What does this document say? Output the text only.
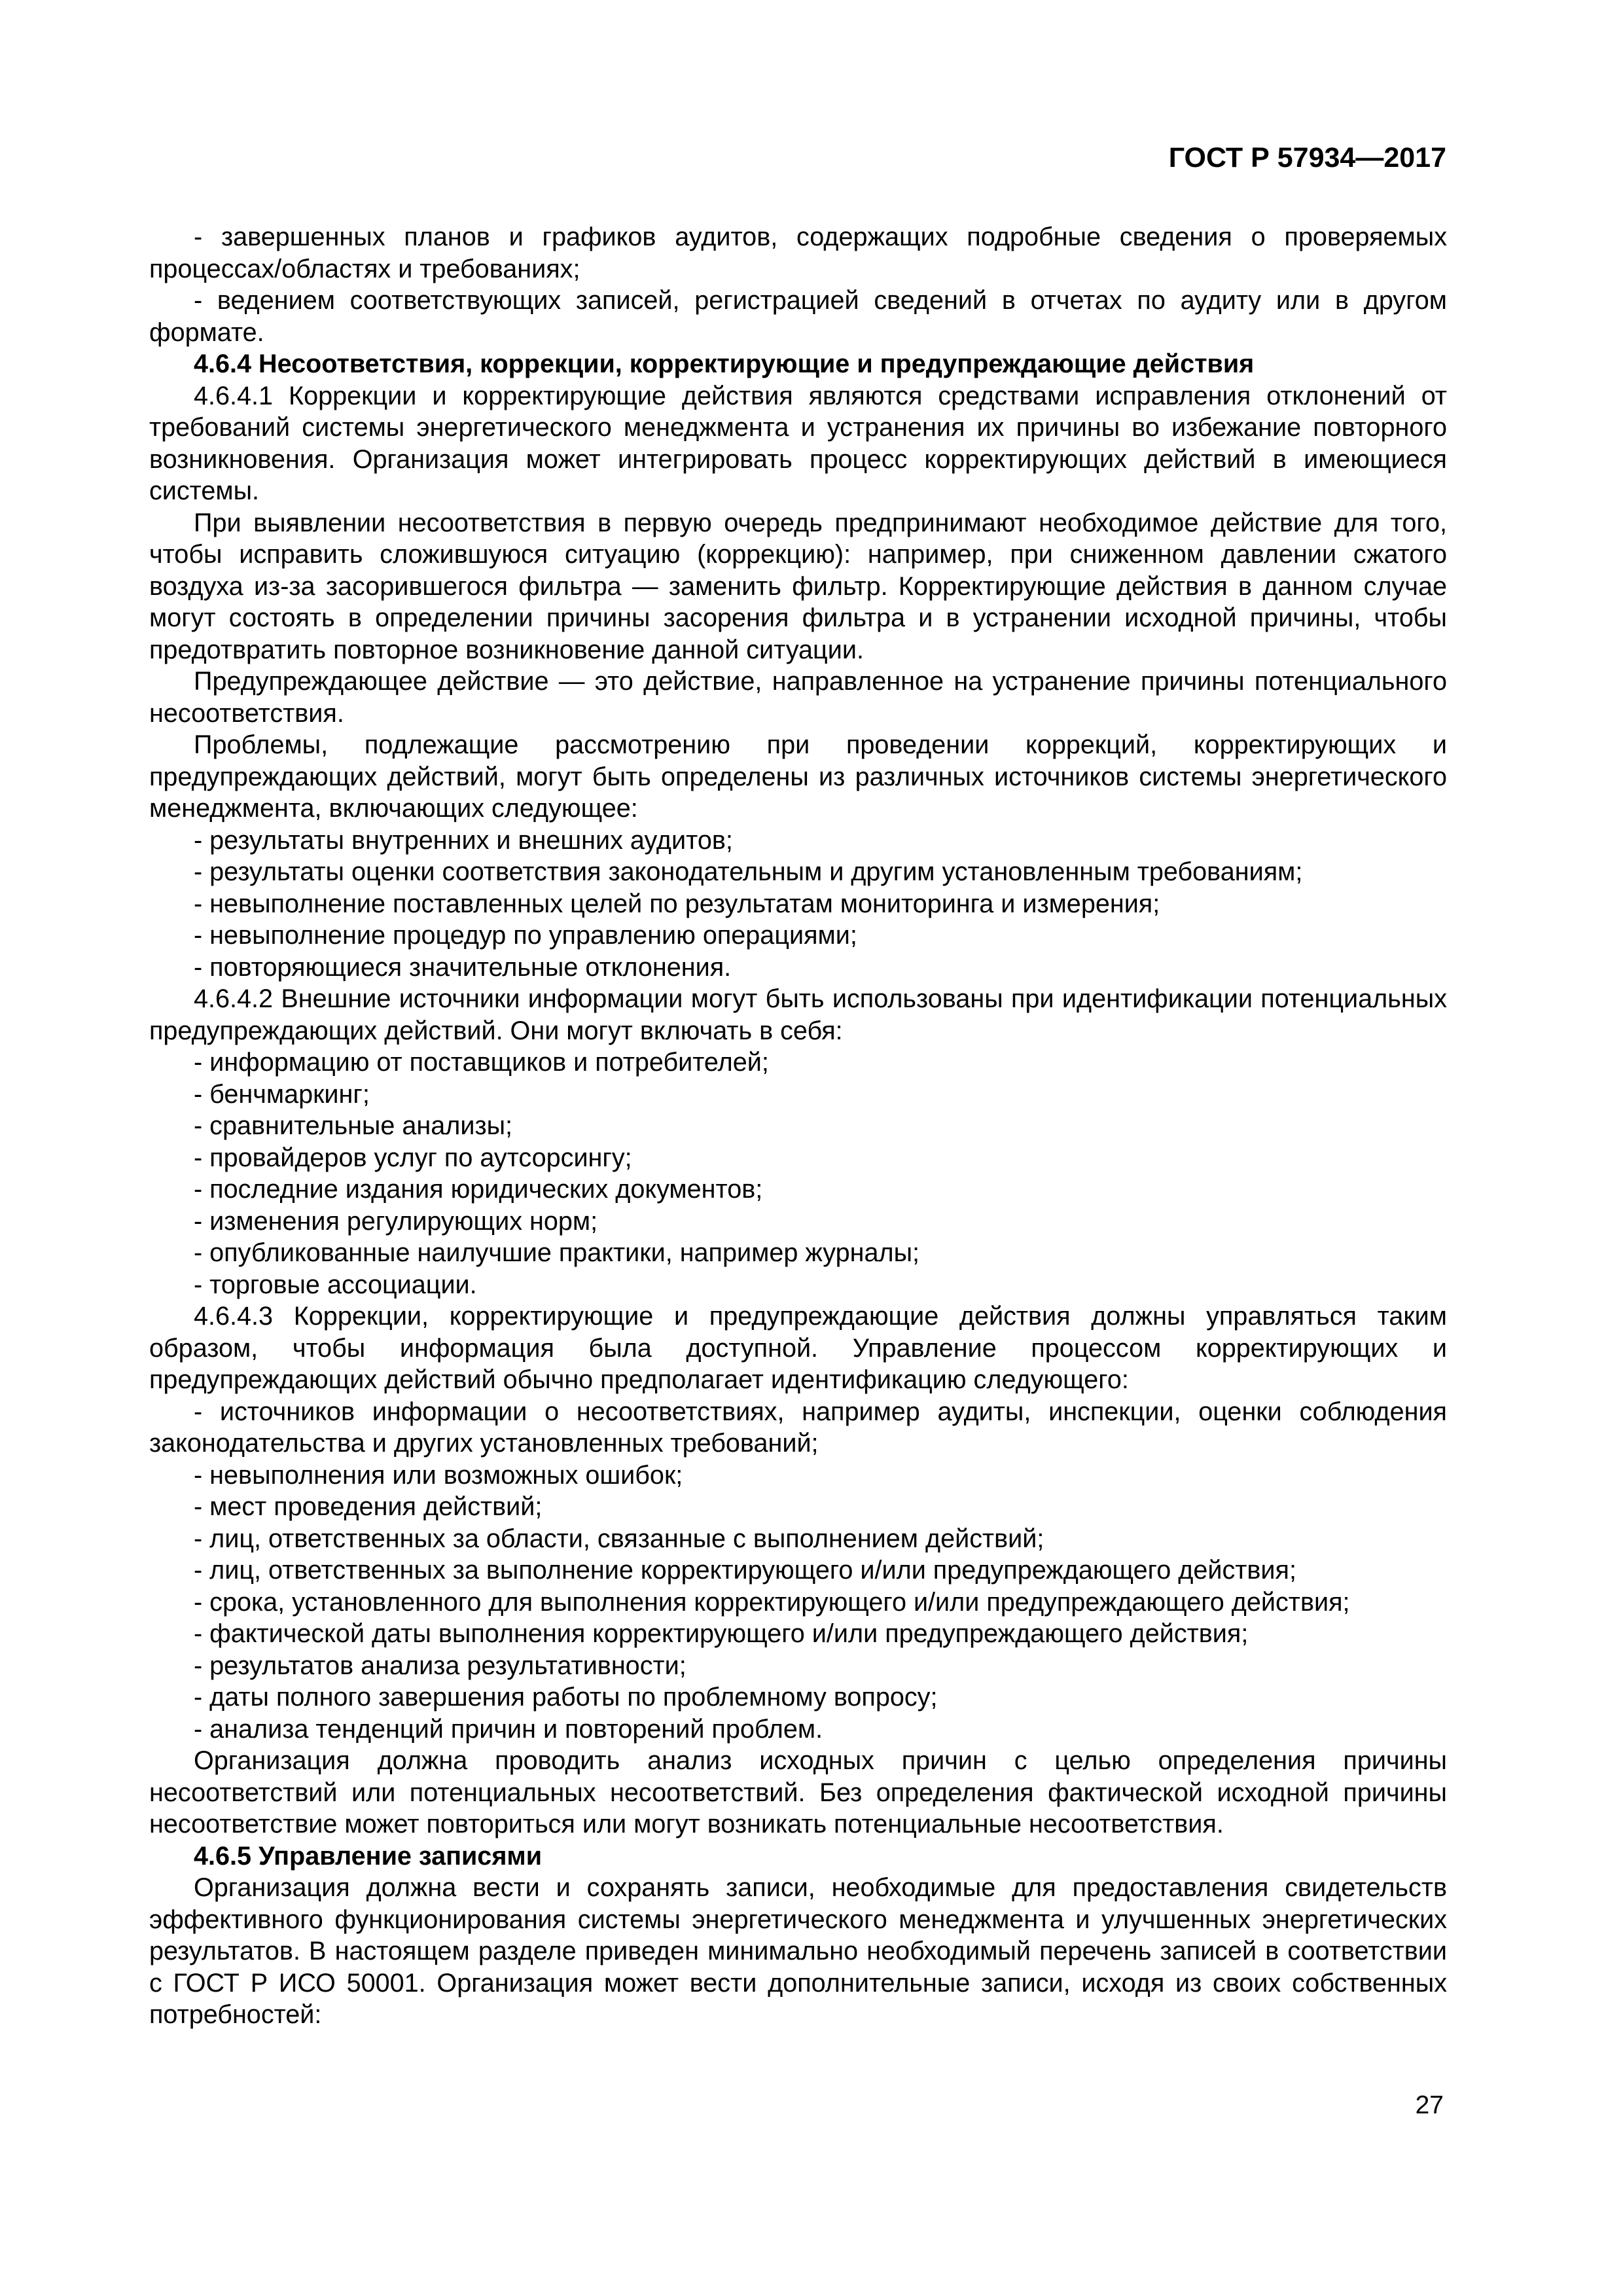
ГОСТ Р 57934—2017

- завершенных планов и графиков аудитов, содержащих подробные сведения о проверяемых процессах/областях и требованиях;

- ведением соответствующих записей, регистрацией сведений в отчетах по аудиту или в другом формате.

4.6.4 Несоответствия, коррекции, корректирующие и предупреждающие действия

4.6.4.1 Коррекции и корректирующие действия являются средствами исправления отклонений от требований системы энергетического менеджмента и устранения их причины во избежание повторного возникновения. Организация может интегрировать процесс корректирующих действий в имеющиеся системы.

При выявлении несоответствия в первую очередь предпринимают необходимое действие для того, чтобы исправить сложившуюся ситуацию (коррекцию): например, при сниженном давлении сжатого воздуха из-за засорившегося фильтра — заменить фильтр. Корректирующие действия в данном случае могут состоять в определении причины засорения фильтра и в устранении исходной причины, чтобы предотвратить повторное возникновение данной ситуации.

Предупреждающее действие — это действие, направленное на устранение причины потенциального несоответствия.

Проблемы, подлежащие рассмотрению при проведении коррекций, корректирующих и предупреждающих действий, могут быть определены из различных источников системы энергетического менеджмента, включающих следующее:

- результаты внутренних и внешних аудитов;

- результаты оценки соответствия законодательным и другим установленным требованиям;

- невыполнение поставленных целей по результатам мониторинга и измерения;

- невыполнение процедур по управлению операциями;

- повторяющиеся значительные отклонения.

4.6.4.2 Внешние источники информации могут быть использованы при идентификации потенциальных предупреждающих действий. Они могут включать в себя:

- информацию от поставщиков и потребителей;

- бенчмаркинг;

- сравнительные анализы;

- провайдеров услуг по аутсорсингу;

- последние издания юридических документов;

- изменения регулирующих норм;

- опубликованные наилучшие практики, например журналы;

- торговые ассоциации.

4.6.4.3 Коррекции, корректирующие и предупреждающие действия должны управляться таким образом, чтобы информация была доступной. Управление процессом корректирующих и предупреждающих действий обычно предполагает идентификацию следующего:

- источников информации о несоответствиях, например аудиты, инспекции, оценки соблюдения законодательства и других установленных требований;

- невыполнения или возможных ошибок;

- мест проведения действий;

- лиц, ответственных за области, связанные с выполнением действий;

- лиц, ответственных за выполнение корректирующего и/или предупреждающего действия;

- срока, установленного для выполнения корректирующего и/или предупреждающего действия;

- фактической даты выполнения корректирующего и/или предупреждающего действия;

- результатов анализа результативности;

- даты полного завершения работы по проблемному вопросу;

- анализа тенденций причин и повторений проблем.

Организация должна проводить анализ исходных причин с целью определения причины несоответствий или потенциальных несоответствий. Без определения фактической исходной причины несоответствие может повториться или могут возникать потенциальные несоответствия.

4.6.5 Управление записями

Организация должна вести и сохранять записи, необходимые для предоставления свидетельств эффективного функционирования системы энергетического менеджмента и улучшенных энергетических результатов. В настоящем разделе приведен минимально необходимый перечень записей в соответствии с ГОСТ Р ИСО 50001. Организация может вести дополнительные записи, исходя из своих собственных потребностей:

27
